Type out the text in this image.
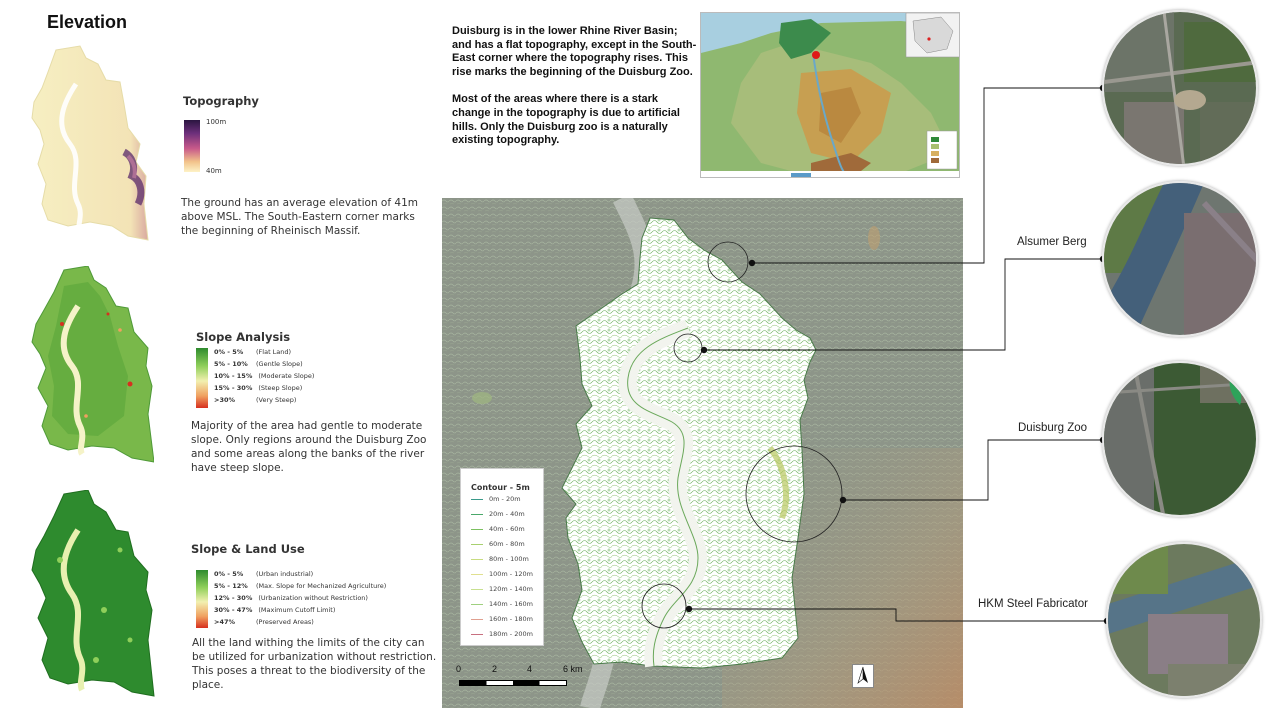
Elevation
Topography
100m
40m
The ground has an average elevation of 41m above MSL. The South-Eastern corner marks the beginning of Rheinisch Massif.
Slope Analysis
0% - 5% (Flat Land)
5% - 10% (Gentle Slope)
10% - 15% (Moderate Slope)
15% - 30% (Steep Slope)
>30%	(Very Steep)
Majority of the area had gentle to moderate slope. Only regions around the Duisburg Zoo and some areas along the banks of the river have steep slope.
Slope & Land Use
0% - 5% (Urban industrial)
5% - 12% (Max. Slope for Mechanized Agriculture)
12% - 30% (Urbanization without Restriction)
30% - 47% (Maximum Cutoff Limit)
>47%	(Preserved Areas)
All the land withing the limits of the city can be utilized for urbanization without restriction. This poses a threat to the biodiversity of the place.

Duisburg is in the lower Rhine River Basin; and has a flat topography, except in the South-East corner where the topography rises. This rise marks the beginning of the Duisburg Zoo.

Most of the areas where there is a stark change in the topography is due to artificial hills. Only the Duisburg zoo is a naturally existing topography.

Contour - 5m
0m - 20m
20m - 40m
40m - 60m
60m - 80m
80m - 100m
100m - 120m
120m - 140m
140m - 160m
160m - 180m
180m - 200m
0	2	4	6 km
Alsumer Berg
Duisburg Zoo
HKM Steel Fabricator
